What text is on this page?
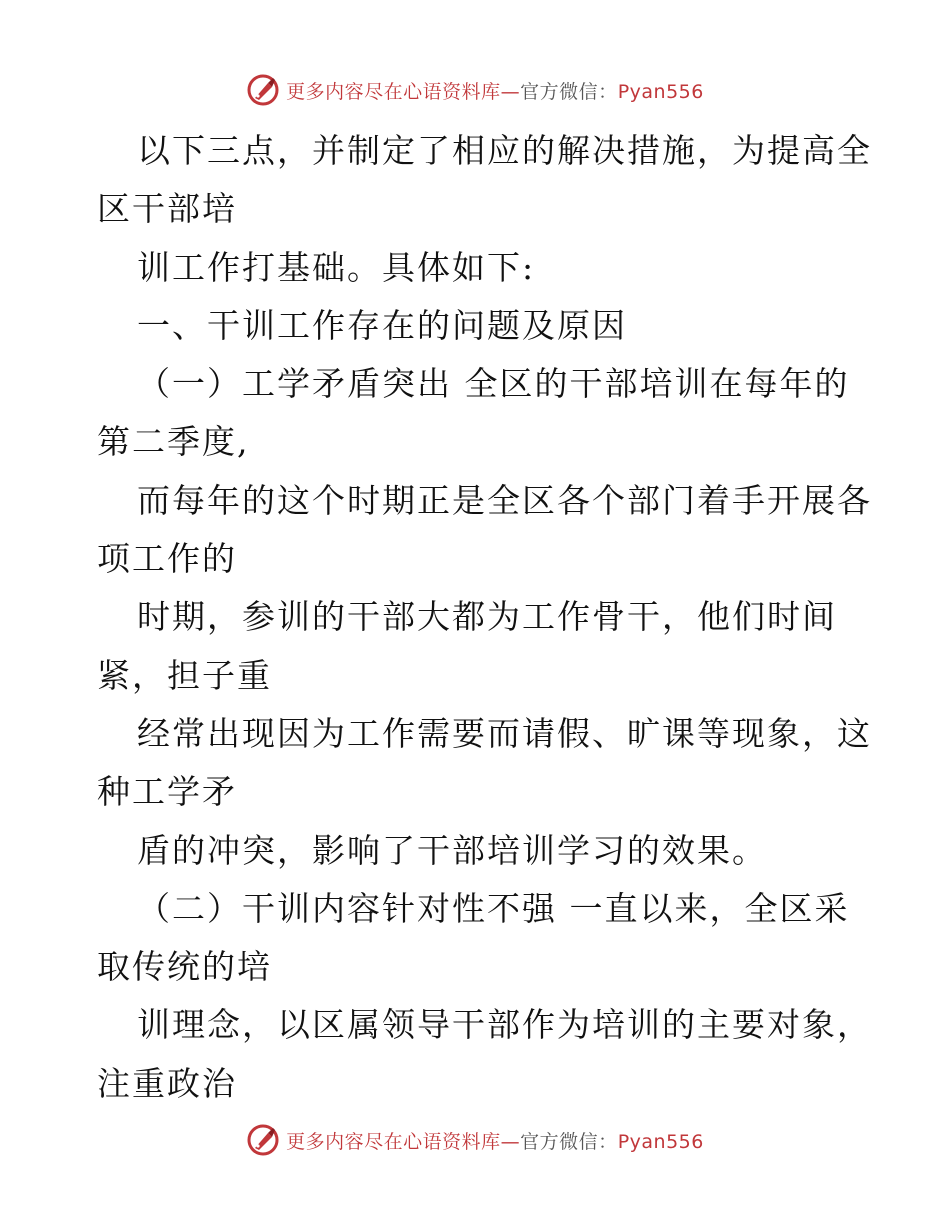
更多内容尽在心语资料库—官方微信：Pyan556
以下三点，并制定了相应的解决措施，为提高全
区干部培
训工作打基础。具体如下:
一、干训工作存在的问题及原因
（一）工学矛盾突出 全区的干部培训在每年的
第二季度,
而每年的这个时期正是全区各个部门着手开展各
项工作的
时期，参训的干部大都为工作骨干，他们时间
紧，担子重
经常出现因为工作需要而请假、旷课等现象，这
种工学矛
盾的冲突，影响了干部培训学习的效果。
（二）干训内容针对性不强 一直以来，全区采
取传统的培
训理念，以区属领导干部作为培训的主要对象，
注重政治
更多内容尽在心语资料库—官方微信：Pyan556
